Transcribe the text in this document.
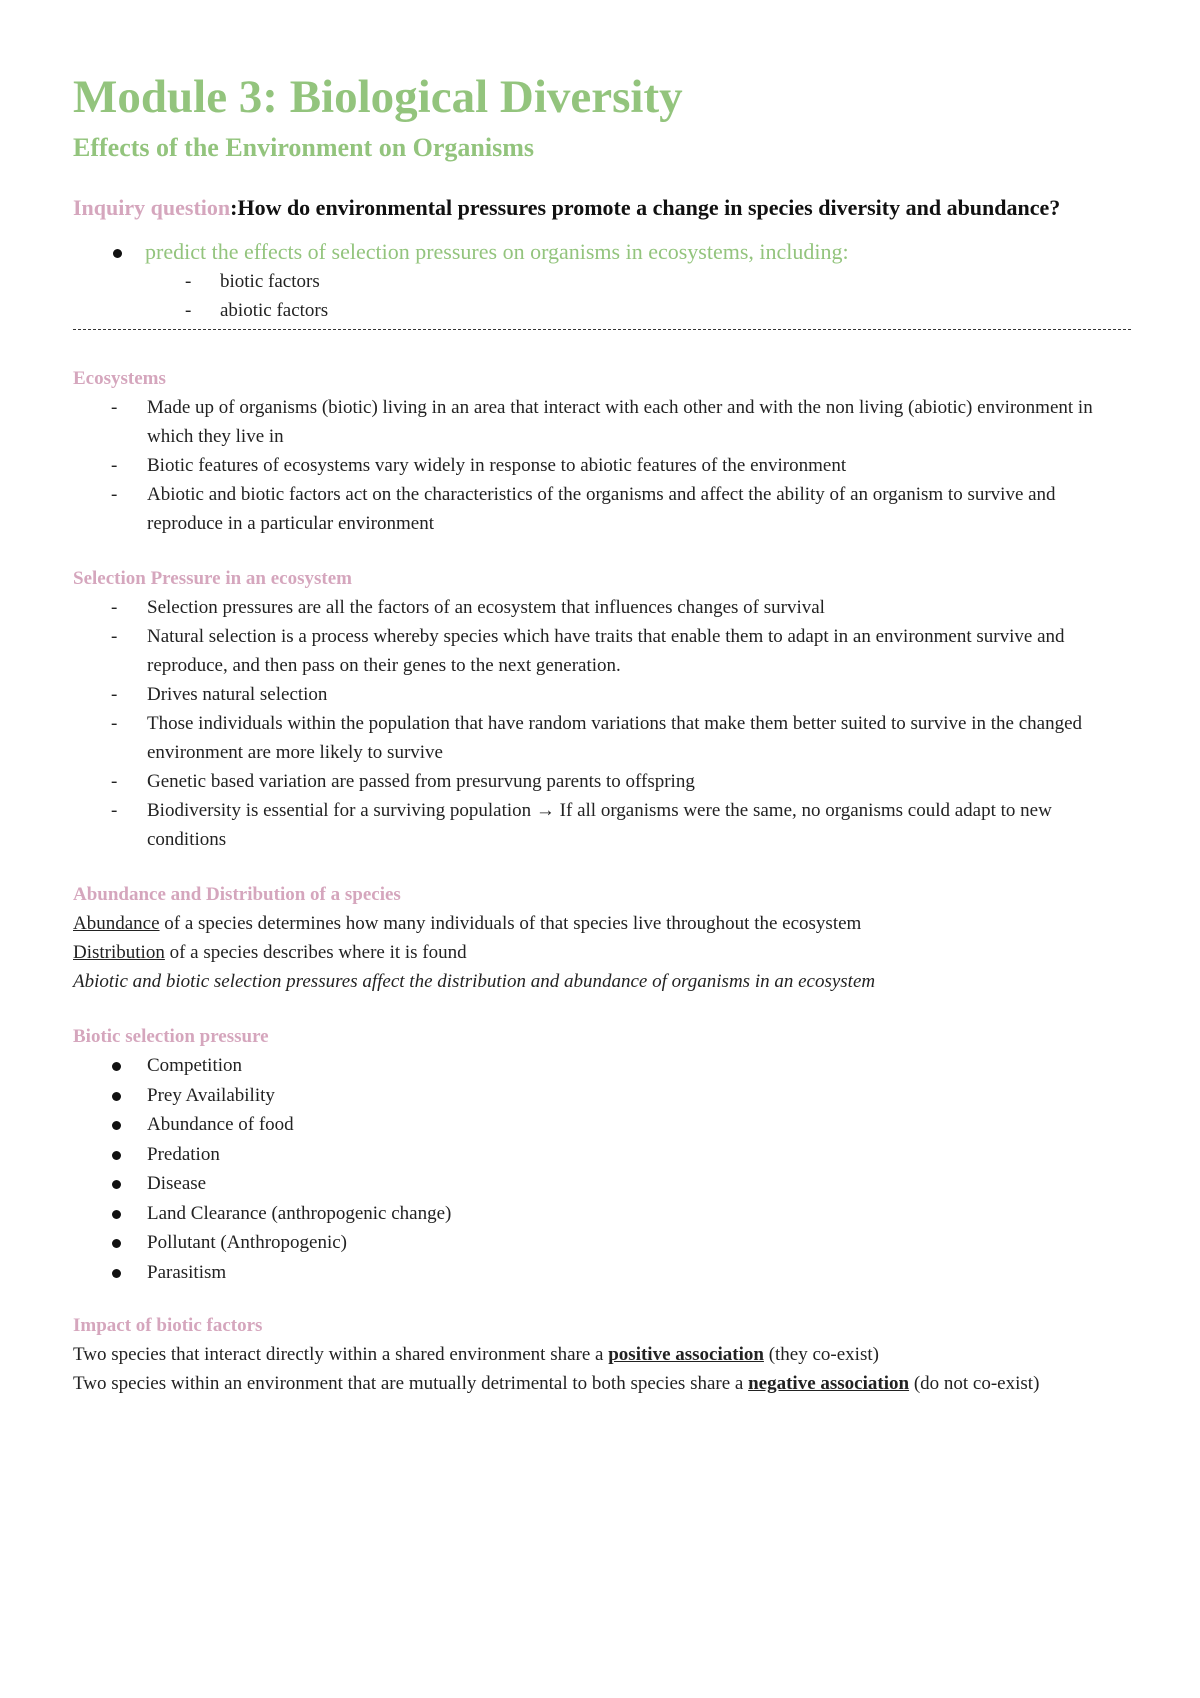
Module 3: Biological Diversity
Effects of the Environment on Organisms
Inquiry question:How do environmental pressures promote a change in species diversity and abundance?
predict the effects of selection pressures on organisms in ecosystems, including:
- biotic factors
- abiotic factors
Ecosystems
- Made up of organisms (biotic) living in an area that interact with each other and with the non living (abiotic) environment in which they live in
- Biotic features of ecosystems vary widely in response to abiotic features of the environment
- Abiotic and biotic factors act on the characteristics of the organisms and affect the ability of an organism to survive and reproduce in a particular environment
Selection Pressure in an ecosystem
- Selection pressures are all the factors of an ecosystem that influences changes of survival
- Natural selection is a process whereby species which have traits that enable them to adapt in an environment survive and reproduce, and then pass on their genes to the next generation.
- Drives natural selection
- Those individuals within the population that have random variations that make them better suited to survive in the changed environment are more likely to survive
- Genetic based variation are passed from presurvung parents to offspring
- Biodiversity is essential for a surviving population → If all organisms were the same, no organisms could adapt to new conditions
Abundance and Distribution of a species
Abundance of a species determines how many individuals of that species live throughout the ecosystem
Distribution of a species describes where it is found
Abiotic and biotic selection pressures affect the distribution and abundance of organisms in an ecosystem
Biotic selection pressure
Competition
Prey Availability
Abundance of food
Predation
Disease
Land Clearance (anthropogenic change)
Pollutant (Anthropogenic)
Parasitism
Impact of biotic factors
Two species that interact directly within a shared environment share a positive association (they co-exist)
Two species within an environment that are mutually detrimental to both species share a negative association (do not co-exist)
